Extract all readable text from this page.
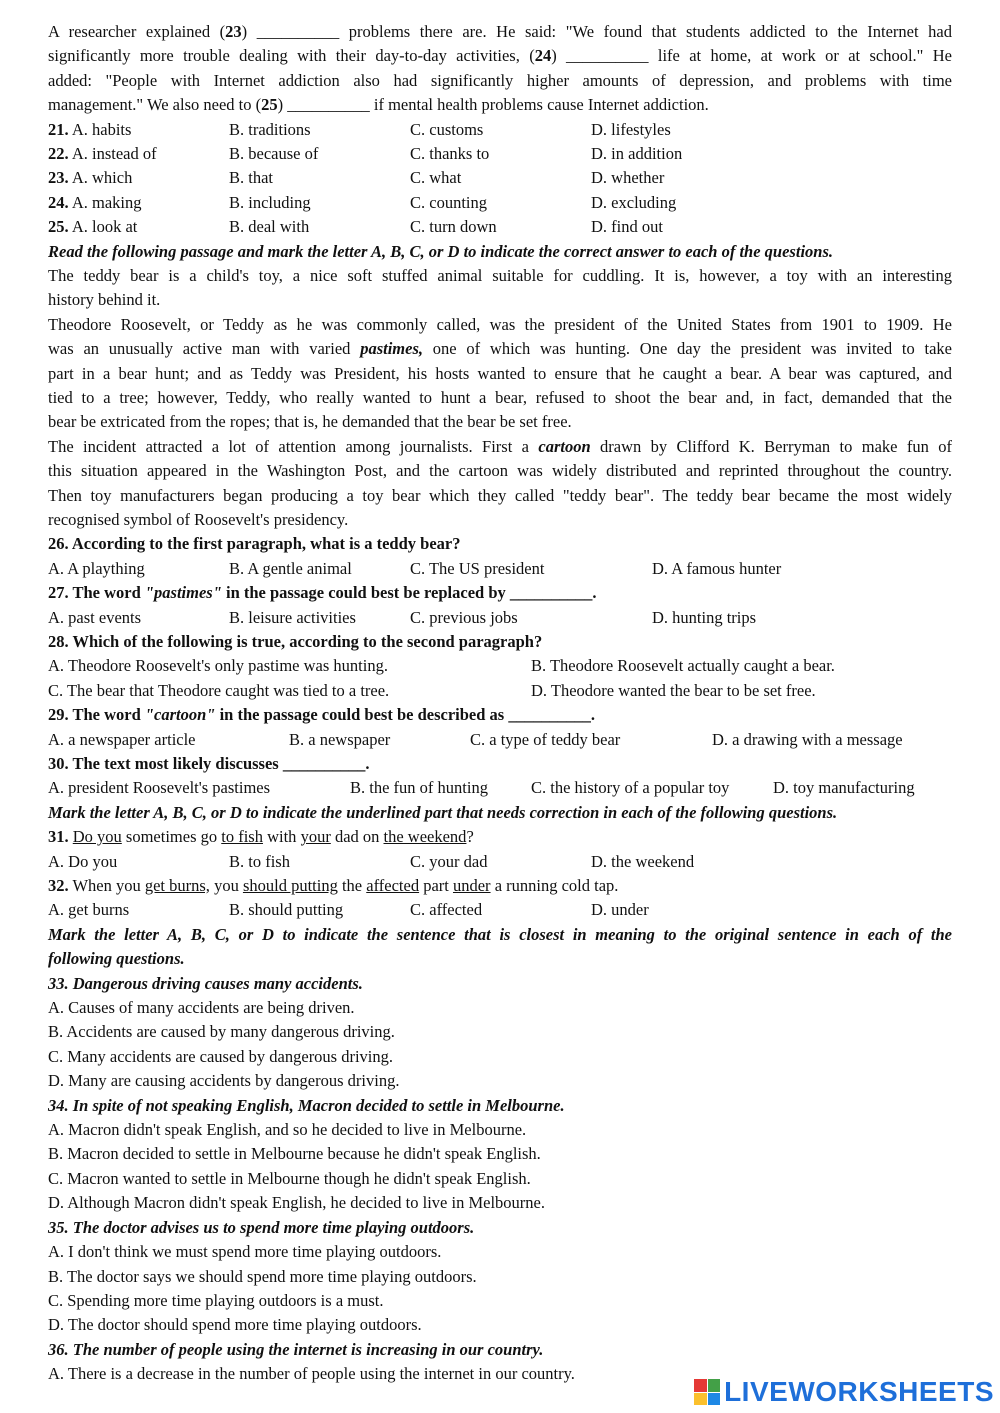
A researcher explained (23) __________ problems there are. He said: "We found that students addicted to the Internet had
significantly more trouble dealing with their day-to-day activities, (24) __________ life at home, at work or at school." He
added: "People with Internet addiction also had significantly higher amounts of depression, and problems with time
management." We also need to (25) __________ if mental health problems cause Internet addiction.
21. A. habits	B. traditions	C. customs	D. lifestyles
22. A. instead of	B. because of	C. thanks to	D. in addition
23. A. which	B. that	C. what	D. whether
24. A. making	B. including	C. counting	D. excluding
25. A. look at	B. deal with	C. turn down	D. find out
Read the following passage and mark the letter A, B, C, or D to indicate the correct answer to each of the questions.
The teddy bear is a child's toy, a nice soft stuffed animal suitable for cuddling. It is, however, a toy with an interesting
history behind it.
Theodore Roosevelt, or Teddy as he was commonly called, was the president of the United States from 1901 to 1909. He
was an unusually active man with varied pastimes, one of which was hunting. One day the president was invited to take
part in a bear hunt; and as Teddy was President, his hosts wanted to ensure that he caught a bear. A bear was captured, and
tied to a tree; however, Teddy, who really wanted to hunt a bear, refused to shoot the bear and, in fact, demanded that the
bear be extricated from the ropes; that is, he demanded that the bear be set free.
The incident attracted a lot of attention among journalists. First a cartoon drawn by Clifford K. Berryman to make fun of
this situation appeared in the Washington Post, and the cartoon was widely distributed and reprinted throughout the country.
Then toy manufacturers began producing a toy bear which they called "teddy bear". The teddy bear became the most widely
recognised symbol of Roosevelt's presidency.
26. According to the first paragraph, what is a teddy bear?
A. A plaything	B. A gentle animal	C. The US president	D. A famous hunter
27. The word "pastimes" in the passage could best be replaced by __________.
A. past events	B. leisure activities	C. previous jobs	D. hunting trips
28. Which of the following is true, according to the second paragraph?
A. Theodore Roosevelt's only pastime was hunting.	B. Theodore Roosevelt actually caught a bear.
C. The bear that Theodore caught was tied to a tree.	D. Theodore wanted the bear to be set free.
29. The word "cartoon" in the passage could best be described as __________.
A. a newspaper article	B. a newspaper	C. a type of teddy bear	D. a drawing with a message
30. The text most likely discusses __________.
A. president Roosevelt's pastimes	B. the fun of hunting	C. the history of a popular toy	D. toy manufacturing
Mark the letter A, B, C, or D to indicate the underlined part that needs correction in each of the following questions.
31. Do you sometimes go to fish with your dad on the weekend?
A. Do you	B. to fish	C. your dad	D. the weekend
32. When you get burns, you should putting the affected part under a running cold tap.
A. get burns	B. should putting	C. affected	D. under
Mark the letter A, B, C, or D to indicate the sentence that is closest in meaning to the original sentence in each of the
following questions.
33. Dangerous driving causes many accidents.
A. Causes of many accidents are being driven.
B. Accidents are caused by many dangerous driving.
C. Many accidents are caused by dangerous driving.
D. Many are causing accidents by dangerous driving.
34. In spite of not speaking English, Macron decided to settle in Melbourne.
A. Macron didn't speak English, and so he decided to live in Melbourne.
B. Macron decided to settle in Melbourne because he didn't speak English.
C. Macron wanted to settle in Melbourne though he didn't speak English.
D. Although Macron didn't speak English, he decided to live in Melbourne.
35. The doctor advises us to spend more time playing outdoors.
A. I don't think we must spend more time playing outdoors.
B. The doctor says we should spend more time playing outdoors.
C. Spending more time playing outdoors is a must.
D. The doctor should spend more time playing outdoors.
36. The number of people using the internet is increasing in our country.
A. There is a decrease in the number of people using the internet in our country.
LIVEWORKSHEETS
